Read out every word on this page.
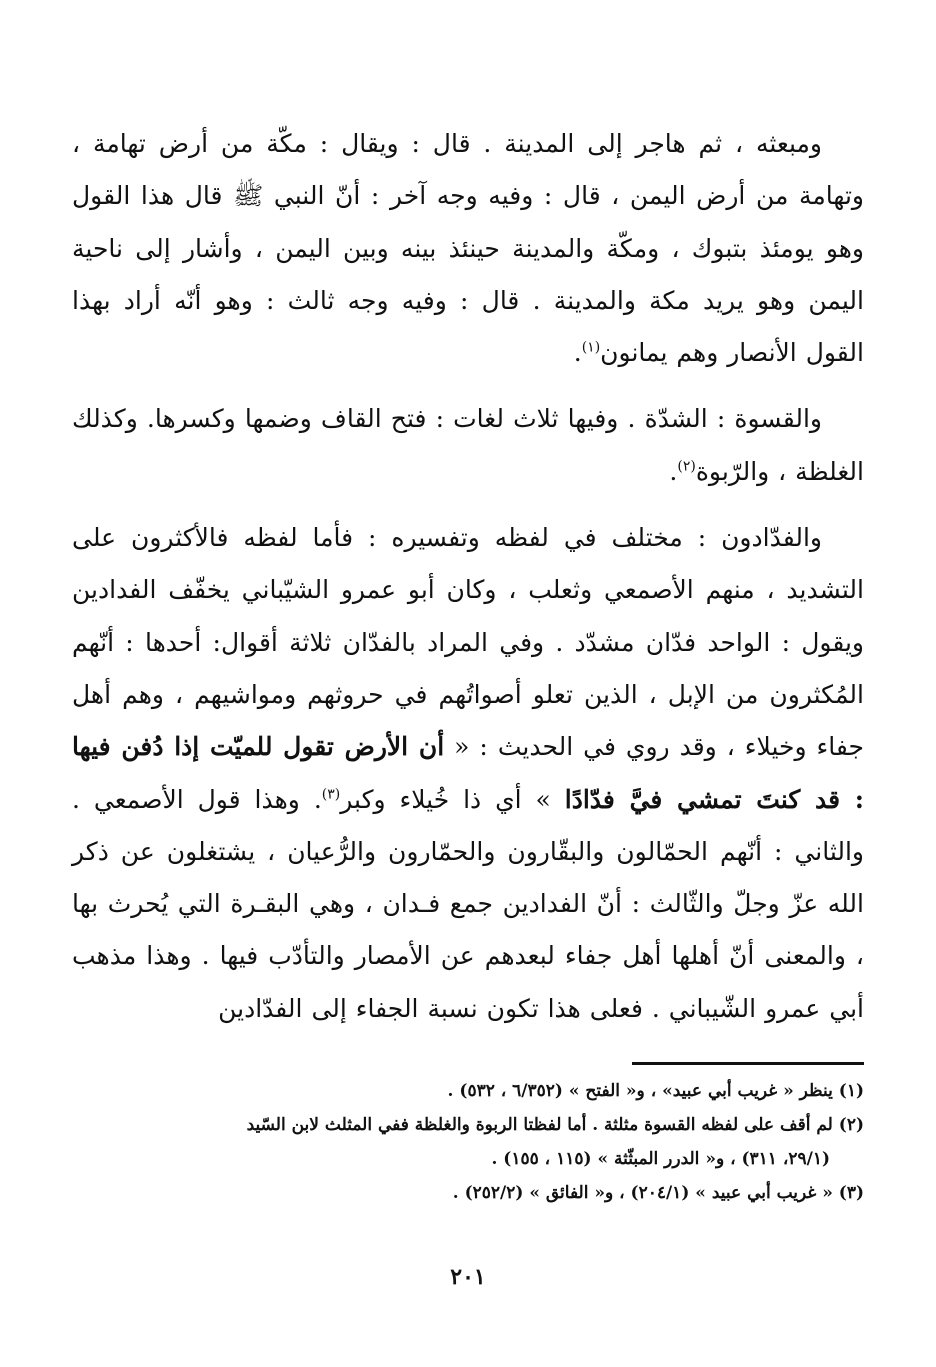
ومبعثه ، ثم هاجر إلى المدينة . قال : ويقال : مكّة من أرض تهامة ، وتهامة من أرض اليمن ، قال : وفيه وجه آخر : أنّ النبي ﷺ قال هذا القول وهو يومئذ بتبوك ، ومكّة والمدينة حينئذ بينه وبين اليمن ، وأشار إلى ناحية اليمن وهو يريد مكة والمدينة . قال : وفيه وجه ثالث : وهو أنّه أراد بهذا القول الأنصار وهم يمانون$^{(١)}$.

والقسوة : الشدّة . وفيها ثلاث لغات : فتح القاف وضمها وكسرها. وكذلك الغلظة ، والرّبوة$^{(٢)}$.

والفدّادون : مختلف في لفظه وتفسيره : فأما لفظه فالأكثرون على التشديد ، منهم الأصمعي وثعلب ، وكان أبو عمرو الشيّباني يخفّف الفدادين ويقول : الواحد فدّان مشدّد . وفي المراد بالفدّان ثلاثة أقوال: أحدها : أنّهم المُكثرون من الإبل ، الذين تعلو أصواتُهم في حروثهم ومواشيهم ، وهم أهل جفاء وخيلاء ، وقد روي في الحديث : « أن الأرض تقول للميّت إذا دُفن فيها : قد كنتَ تمشي فيَّ فدّادًا » أي ذا خُيلاء وكبر$^{(٣)}$. وهذا قول الأصمعي . والثاني : أنّهم الحمّالون والبقّارون والحمّارون والرُّعيان ، يشتغلون عن ذكر الله عزّ وجلّ والثّالث : أنّ الفدادين جمع فـدان ، وهي البقـرة التي يُحرث بها ، والمعنى أنّ أهلها أهل جفاء لبعدهم عن الأمصار والتأدّب فيها . وهذا مذهب أبي عمرو الشّيباني . فعلى هذا تكون نسبة الجفاء إلى الفدّادين

(١) ينظر « غريب أبي عبيد» ، و« الفتح » (٦/٣٥٢ ، ٥٣٢) .

(٢) لم أقف على لفظه القسوة مثلثة . أما لفظتا الربوة والغلظة ففي المثلث لابن السّيد
(٢٩/١، ٣١١) ، و« الدرر المبثّثة » (١١٥ ، ١٥٥) .

(٣) « غريب أبي عبيد » (٢٠٤/١) ، و« الفائق » (٢٥٢/٢) .

٢٠١
